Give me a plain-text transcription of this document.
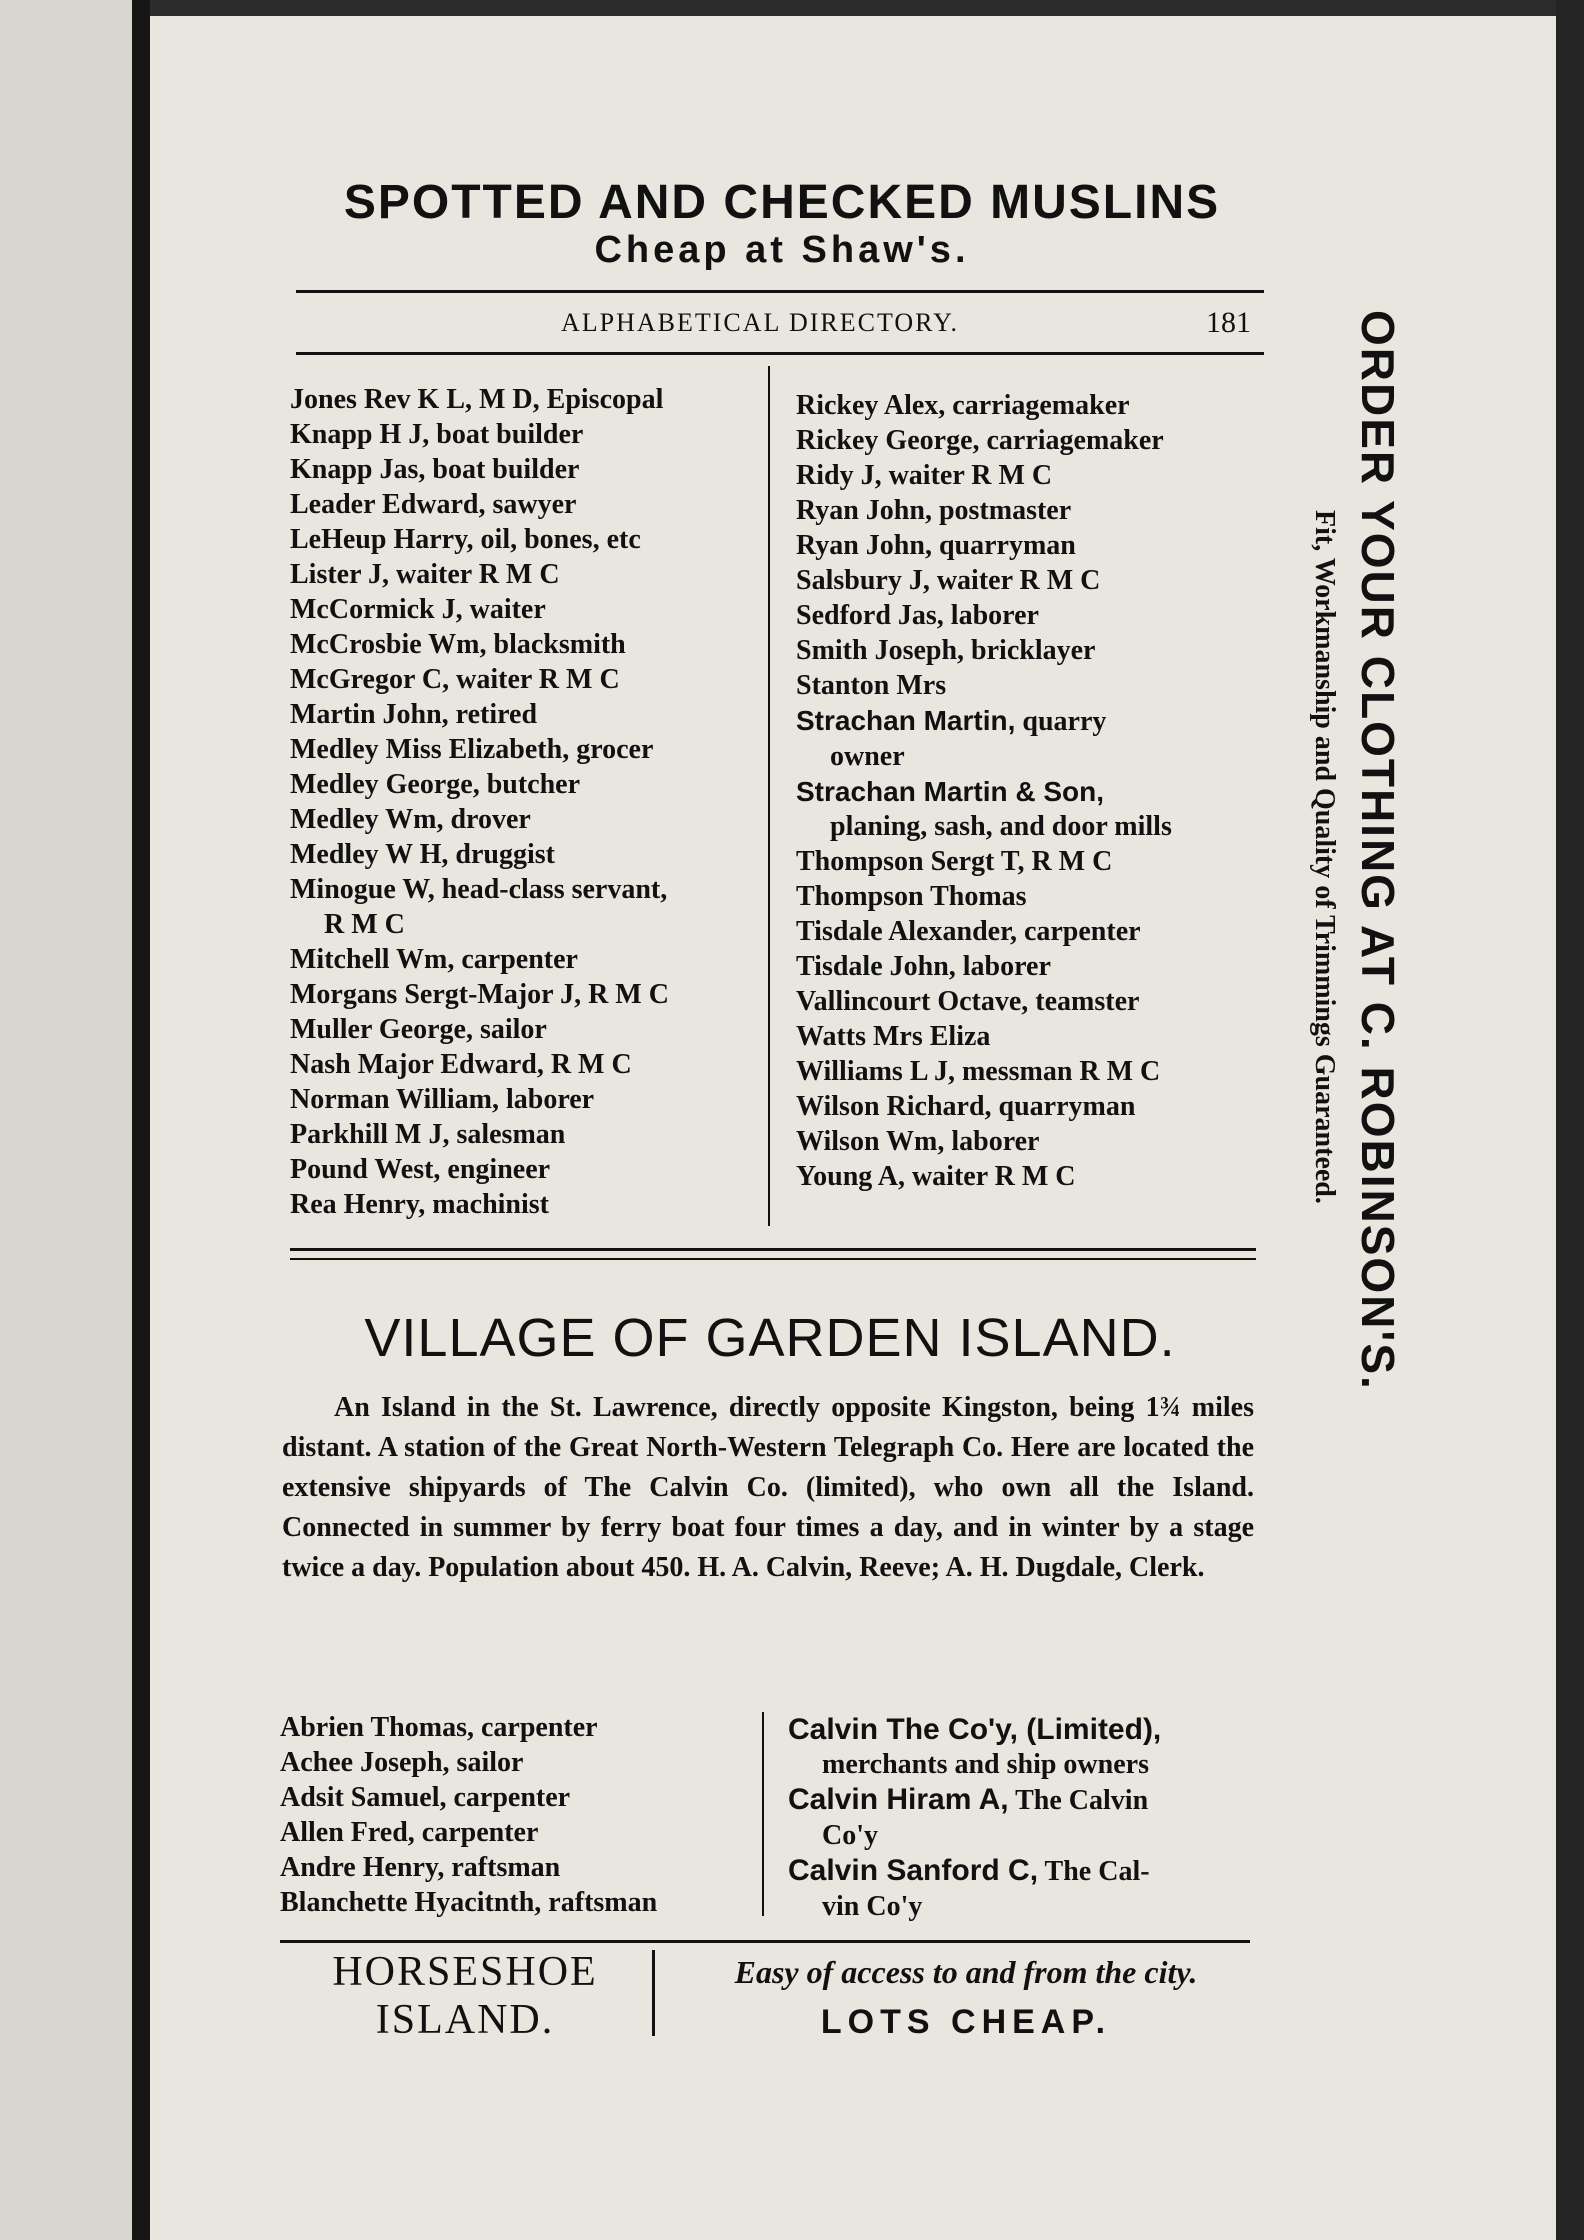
SPOTTED AND CHECKED MUSLINS
Cheap at Shaw's.
ALPHABETICAL DIRECTORY.	181
Jones Rev K L, M D, Episcopal
Knapp H J, boat builder
Knapp Jas, boat builder
Leader Edward, sawyer
LeHeup Harry, oil, bones, etc
Lister J, waiter R M C
McCormick J, waiter
McCrosbie Wm, blacksmith
McGregor C, waiter R M C
Martin John, retired
Medley Miss Elizabeth, grocer
Medley George, butcher
Medley Wm, drover
Medley W H, druggist
Minogue W, head-class servant,
R M C
Mitchell Wm, carpenter
Morgans Sergt-Major J, R M C
Muller George, sailor
Nash Major Edward, R M C
Norman William, laborer
Parkhill M J, salesman
Pound West, engineer
Rea Henry, machinist
Rickey Alex, carriagemaker
Rickey George, carriagemaker
Ridy J, waiter R M C
Ryan John, postmaster
Ryan John, quarryman
Salsbury J, waiter R M C
Sedford Jas, laborer
Smith Joseph, bricklayer
Stanton Mrs
Strachan Martin, quarry
owner
Strachan Martin & Son,
planing, sash, and door mills
Thompson Sergt T, R M C
Thompson Thomas
Tisdale Alexander, carpenter
Tisdale John, laborer
Vallincourt Octave, teamster
Watts Mrs Eliza
Williams L J, messman R M C
Wilson Richard, quarryman
Wilson Wm, laborer
Young A, waiter R M C
VILLAGE OF GARDEN ISLAND.
An Island in the St. Lawrence, directly opposite Kingston, being 1¾ miles distant. A station of the Great North-Western Telegraph Co. Here are located the extensive shipyards of The Calvin Co. (limited), who own all the Island. Connected in summer by ferry boat four times a day, and in winter by a stage twice a day. Population about 450. H. A. Calvin, Reeve; A. H. Dugdale, Clerk.
Abrien Thomas, carpenter
Achee Joseph, sailor
Adsit Samuel, carpenter
Allen Fred, carpenter
Andre Henry, raftsman
Blanchette Hyacitnth, raftsman
Calvin The Co'y, (Limited),
merchants and ship owners
Calvin Hiram A, The Calvin
Co'y
Calvin Sanford C, The Cal-
vin Co'y
HORSESHOE
ISLAND.
Easy of access to and from the city.
LOTS CHEAP.
ORDER YOUR CLOTHING AT C. ROBINSON'S.
Fit, Workmanship and Quality of Trimmings Guaranteed.
